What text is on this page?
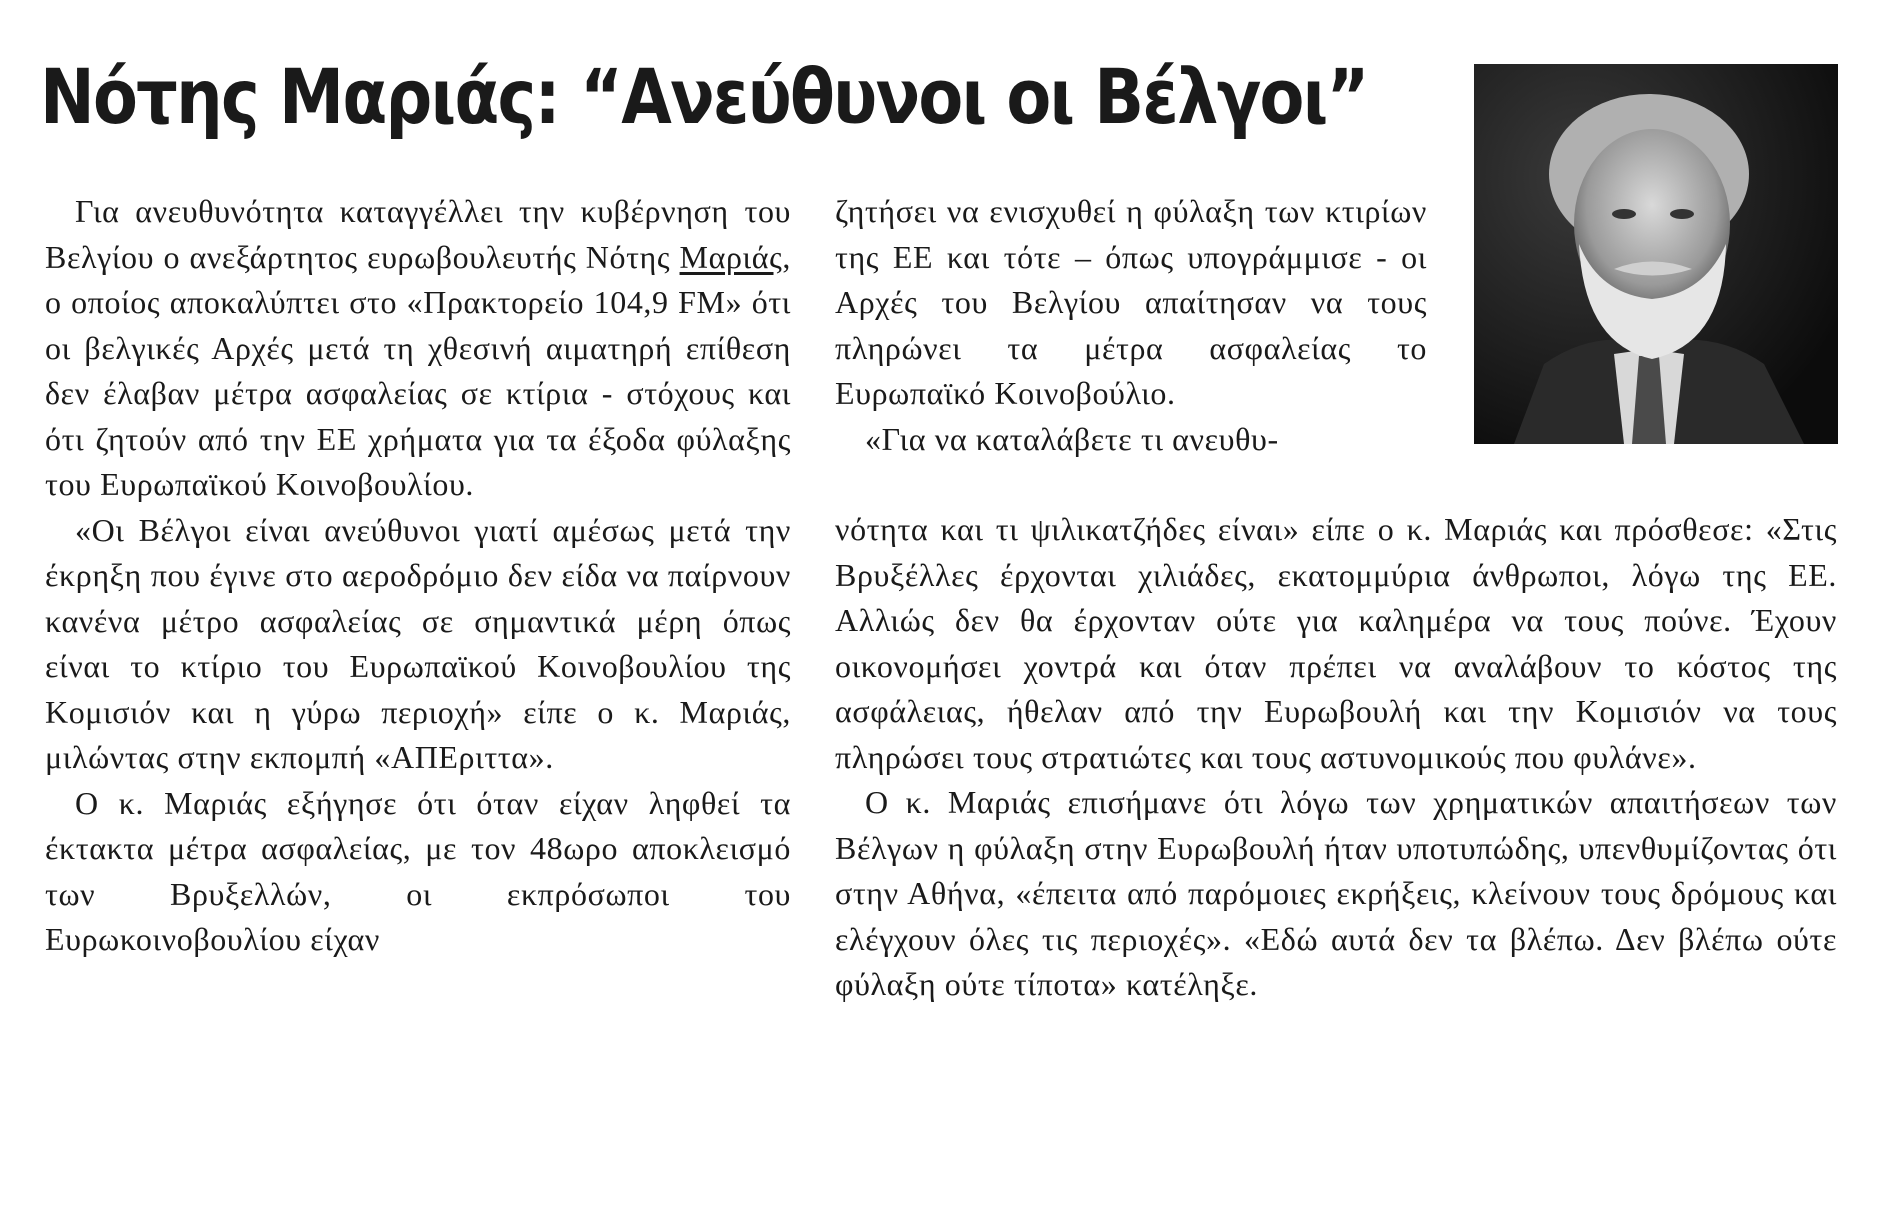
Νότης Μαριάς: “Ανεύθυνοι οι Βέλγοι”

Για ανευθυνότητα καταγγέλλει την κυβέρνηση του Βελγίου ο ανεξάρτητος ευρωβουλευτής Νότης Μαριάς, ο οποίος αποκαλύπτει στο «Πρακτορείο 104,9 FM» ότι οι βελγικές Αρχές μετά τη χθεσινή αιματηρή επίθεση δεν έλαβαν μέτρα ασφαλείας σε κτίρια - στόχους και ότι ζητούν από την ΕΕ χρήματα για τα έξοδα φύλαξης του Ευρωπαϊκού Κοινοβουλίου.

«Οι Βέλγοι είναι ανεύθυνοι γιατί αμέσως μετά την έκρηξη που έγινε στο αεροδρόμιο δεν είδα να παίρνουν κανένα μέτρο ασφαλείας σε σημαντικά μέρη όπως είναι το κτίριο του Ευρωπαϊκού Κοινοβουλίου της Κομισιόν και η γύρω περιοχή» είπε ο κ. Μαριάς, μιλώντας στην εκπομπή «ΑΠΕριττα».

Ο κ. Μαριάς εξήγησε ότι όταν είχαν ληφθεί τα έκτακτα μέτρα ασφαλείας, με τον 48ωρο αποκλεισμό των Βρυξελλών, οι εκπρόσωποι του Ευρωκοινοβουλίου είχαν

ζητήσει να ενισχυθεί η φύλαξη των κτιρίων της ΕΕ και τότε – όπως υπογράμμισε - οι Αρχές του Βελγίου απαίτησαν να τους πληρώνει τα μέτρα ασφαλείας το Ευρωπαϊκό Κοινοβούλιο.

«Για να καταλάβετε τι ανευθυ-

νότητα και τι ψιλικατζήδες είναι» είπε ο κ. Μαριάς και πρόσθεσε: «Στις Βρυξέλλες έρχονται χιλιάδες, εκατομμύρια άνθρωποι, λόγω της ΕΕ. Αλλιώς δεν θα έρχονταν ούτε για καλημέρα να τους πούνε. Έχουν οικονομήσει χοντρά και όταν πρέπει να αναλάβουν το κόστος της ασφάλειας, ήθελαν από την Ευρωβουλή και την Κομισιόν να τους πληρώσει τους στρατιώτες και τους αστυνομικούς που φυλάνε».

Ο κ. Μαριάς επισήμανε ότι λόγω των χρηματικών απαιτήσεων των Βέλγων η φύλαξη στην Ευρωβουλή ήταν υποτυπώδης, υπενθυμίζοντας ότι στην Αθήνα, «έπειτα από παρόμοιες εκρήξεις, κλείνουν τους δρόμους και ελέγχουν όλες τις περιοχές». «Εδώ αυτά δεν τα βλέπω. Δεν βλέπω ούτε φύλαξη ούτε τίποτα» κατέληξε.
